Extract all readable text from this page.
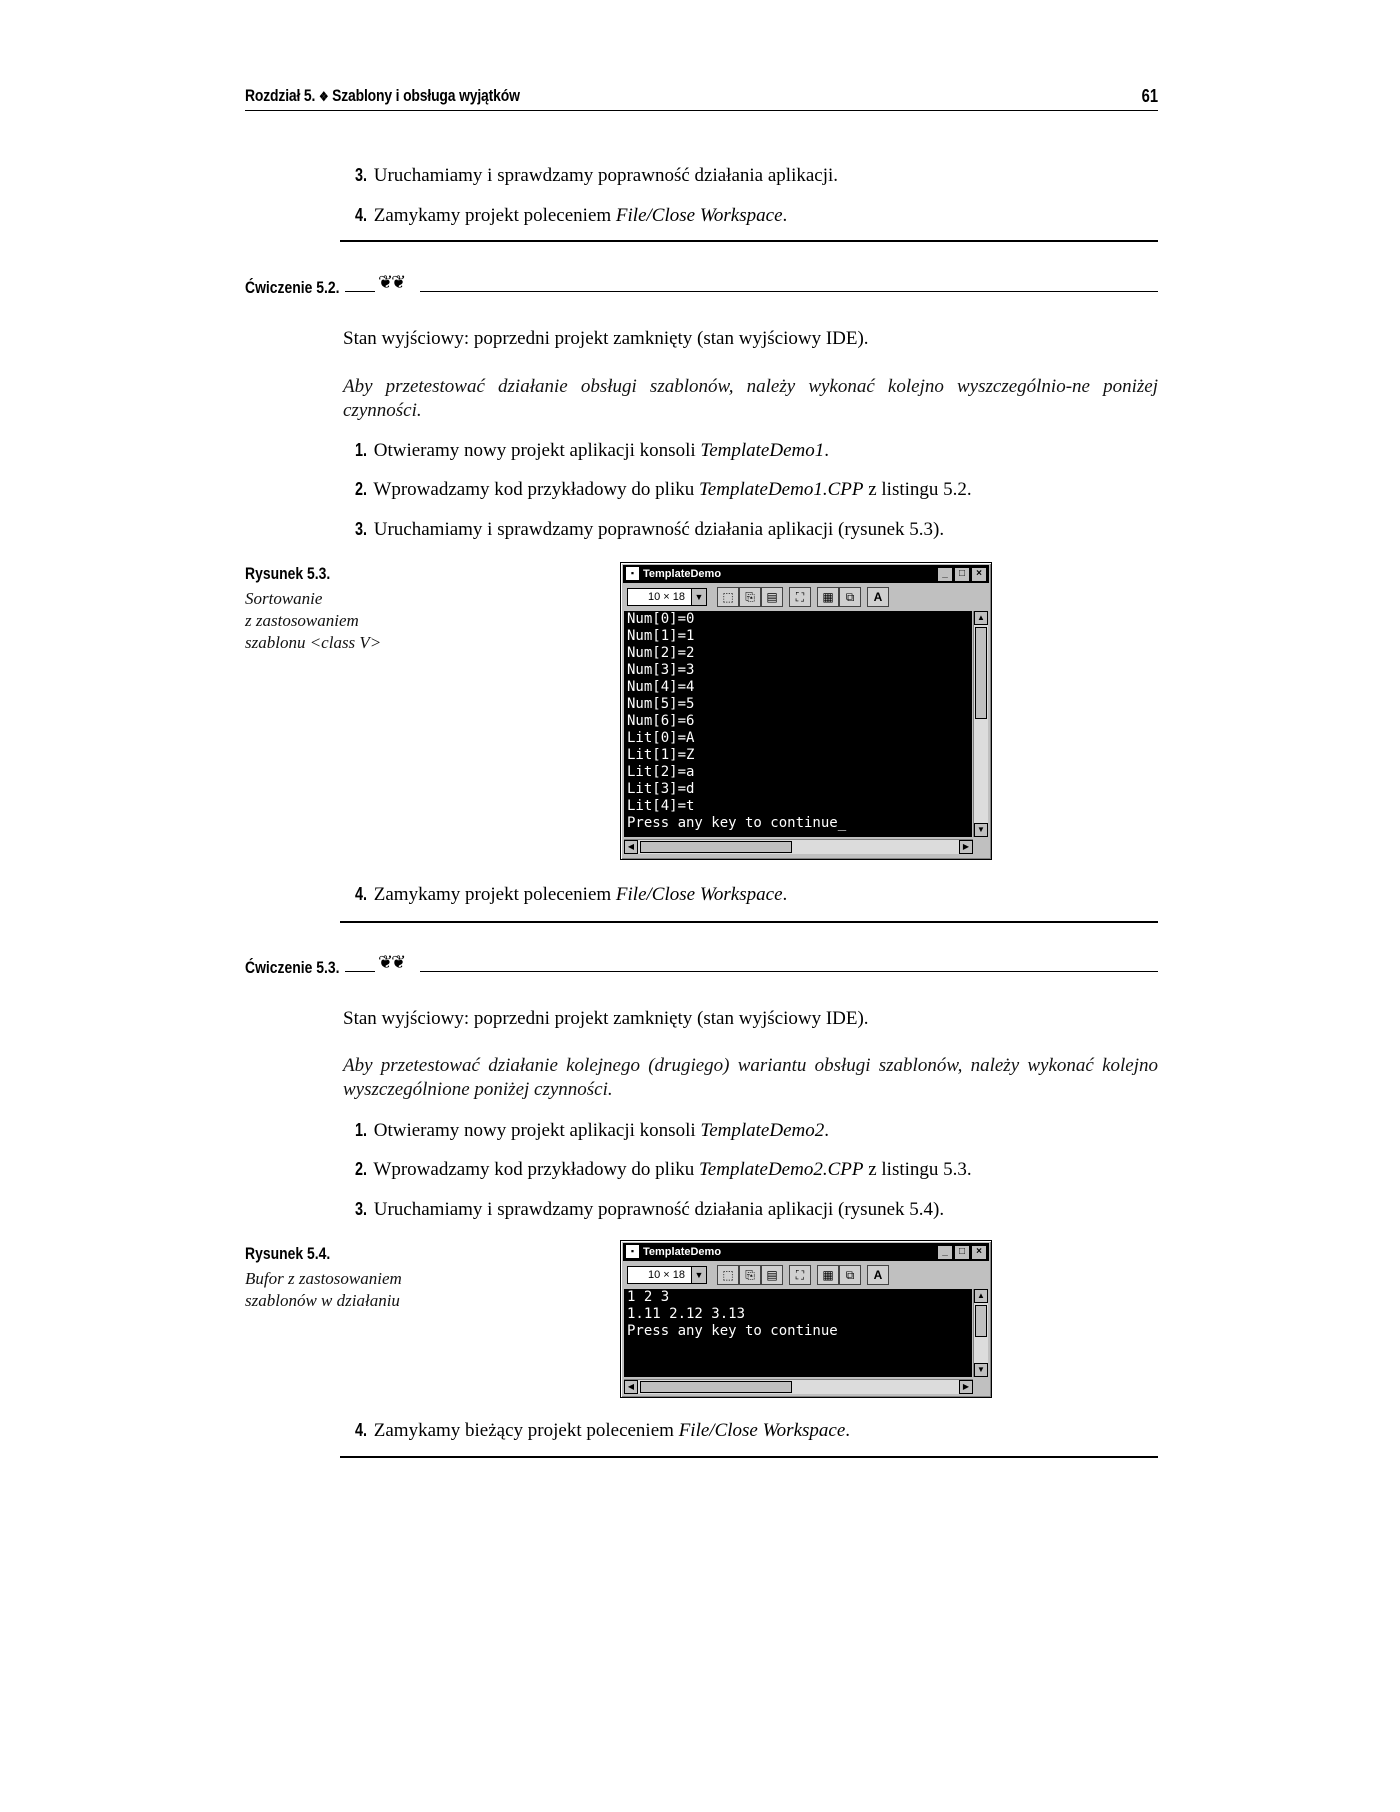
Rozdział 5. ❖ Szablony i obsługa wyjątków	61
3. Uruchamiamy i sprawdzamy poprawność działania aplikacji.
4. Zamykamy projekt poleceniem File/Close Workspace.
Ćwiczenie 5.2. ❦❦
Stan wyjściowy: poprzedni projekt zamknięty (stan wyjściowy IDE).
Aby przetestować działanie obsługi szablonów, należy wykonać kolejno wyszczególnio-ne poniżej czynności.
1. Otwieramy nowy projekt aplikacji konsoli TemplateDemo1.
2. Wprowadzamy kod przykładowy do pliku TemplateDemo1.CPP z listingu 5.2.
3. Uruchamiamy i sprawdzamy poprawność działania aplikacji (rysunek 5.3).
Rysunek 5.3.
Sortowanie
z zastosowaniem
szablonu <class V>
▪ TemplateDemo	_	□	×
10 × 18	▼	⬚ ⎘ ▤	⛶	▦	⧉	A
Num[0]=0
Num[1]=1
Num[2]=2
Num[3]=3
Num[4]=4
Num[5]=5
Num[6]=6
Lit[0]=A
Lit[1]=Z
Lit[2]=a
Lit[3]=d
Lit[4]=t
Press any key to continue_
▲
▼
◀	▶
4. Zamykamy projekt poleceniem File/Close Workspace.
Ćwiczenie 5.3. ❦❦
Stan wyjściowy: poprzedni projekt zamknięty (stan wyjściowy IDE).
Aby przetestować działanie kolejnego (drugiego) wariantu obsługi szablonów, należy wykonać kolejno wyszczególnione poniżej czynności.
1. Otwieramy nowy projekt aplikacji konsoli TemplateDemo2.
2. Wprowadzamy kod przykładowy do pliku TemplateDemo2.CPP z listingu 5.3.
3. Uruchamiamy i sprawdzamy poprawność działania aplikacji (rysunek 5.4).
Rysunek 5.4.
Bufor z zastosowaniem
szablonów w działaniu
▪ TemplateDemo	_	□	×
10 × 18	▼	⬚ ⎘ ▤	⛶	▦	⧉	A
1 2 3
1.11 2.12 3.13
Press any key to continue
▲
▼
◀	▶
4. Zamykamy bieżący projekt poleceniem File/Close Workspace.
